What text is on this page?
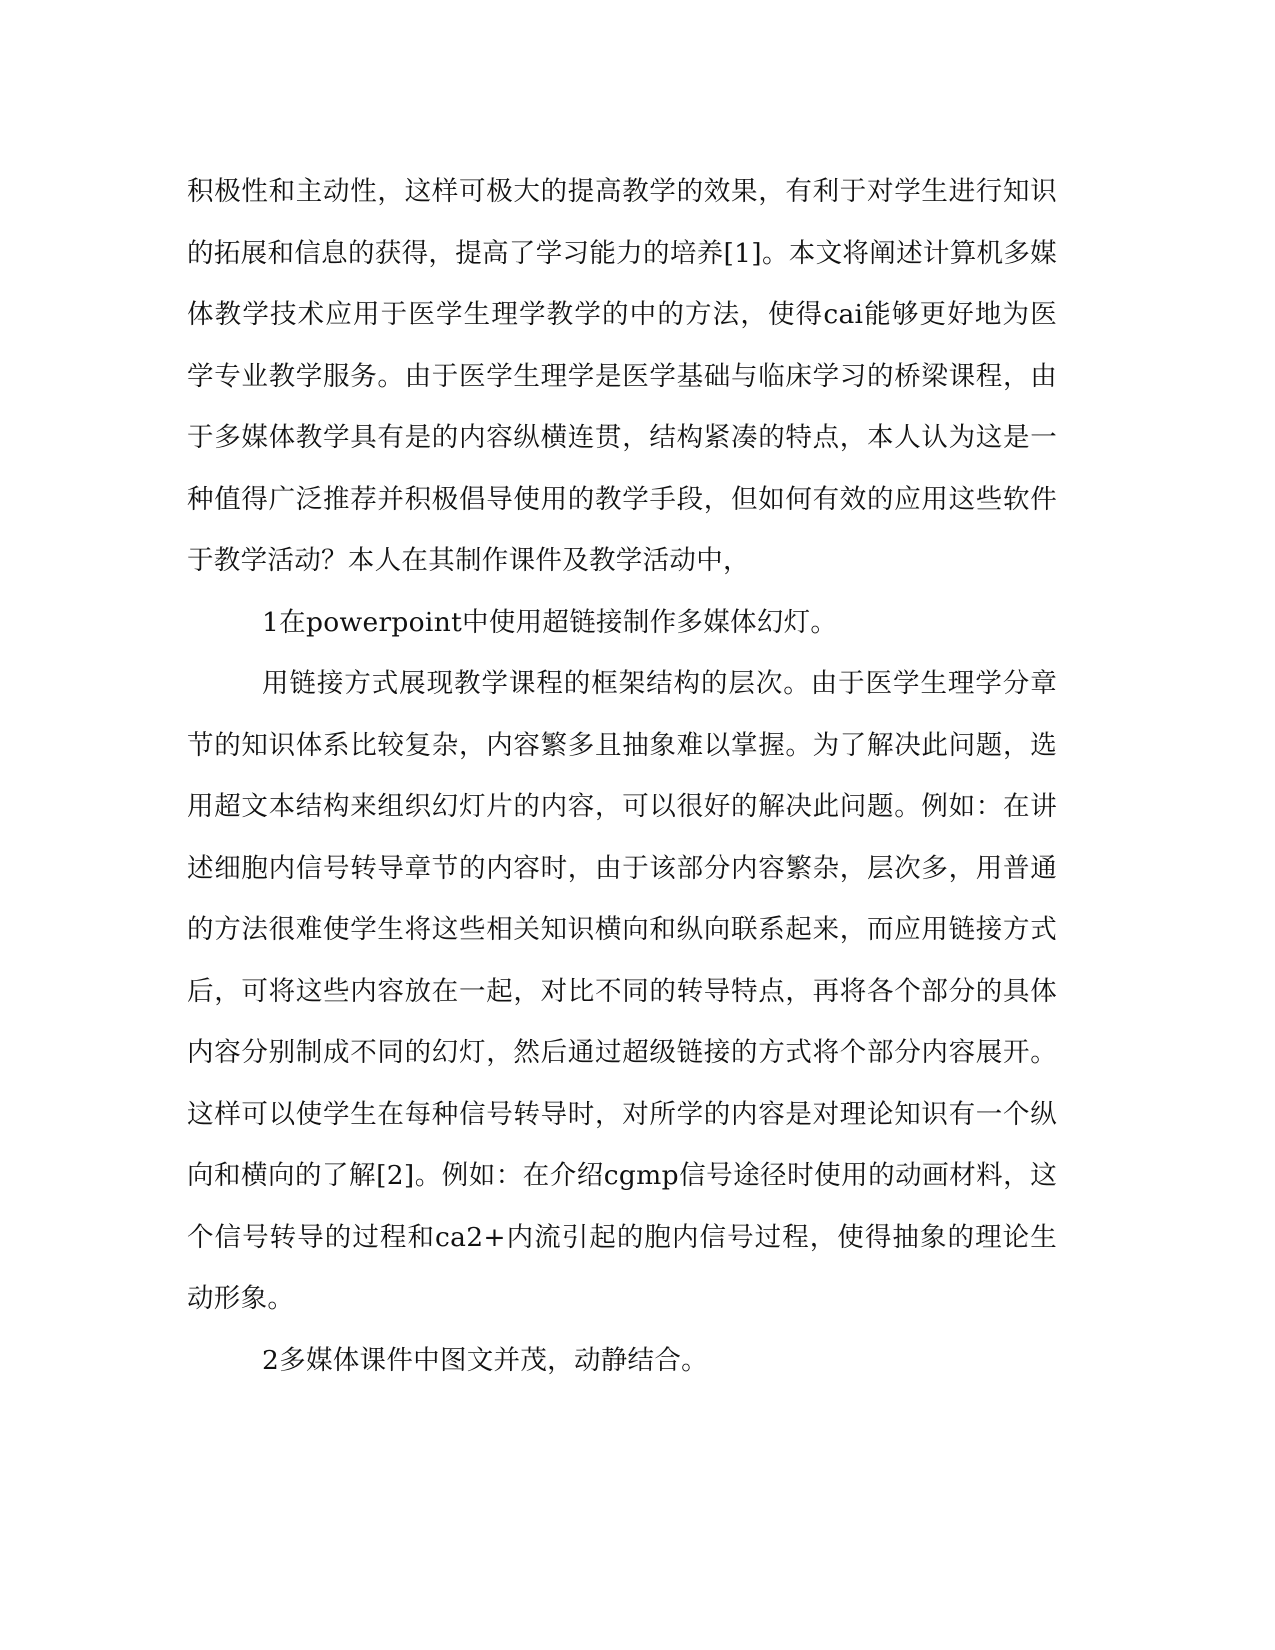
积极性和主动性，这样可极大的提高教学的效果，有利于对学生进行知识的拓展和信息的获得，提高了学习能力的培养[1]。本文将阐述计算机多媒体教学技术应用于医学生理学教学的中的方法，使得cai能够更好地为医学专业教学服务。由于医学生理学是医学基础与临床学习的桥梁课程，由于多媒体教学具有是的内容纵横连贯，结构紧凑的特点，本人认为这是一种值得广泛推荐并积极倡导使用的教学手段，但如何有效的应用这些软件于教学活动？本人在其制作课件及教学活动中，

1在powerpoint中使用超链接制作多媒体幻灯。

用链接方式展现教学课程的框架结构的层次。由于医学生理学分章节的知识体系比较复杂，内容繁多且抽象难以掌握。为了解决此问题，选用超文本结构来组织幻灯片的内容，可以很好的解决此问题。例如：在讲述细胞内信号转导章节的内容时，由于该部分内容繁杂，层次多，用普通的方法很难使学生将这些相关知识横向和纵向联系起来，而应用链接方式后，可将这些内容放在一起，对比不同的转导特点，再将各个部分的具体内容分别制成不同的幻灯，然后通过超级链接的方式将个部分内容展开。这样可以使学生在每种信号转导时，对所学的内容是对理论知识有一个纵向和横向的了解[2]。例如：在介绍cgmp信号途径时使用的动画材料，这个信号转导的过程和ca2+内流引起的胞内信号过程，使得抽象的理论生动形象。

2多媒体课件中图文并茂，动静结合。
